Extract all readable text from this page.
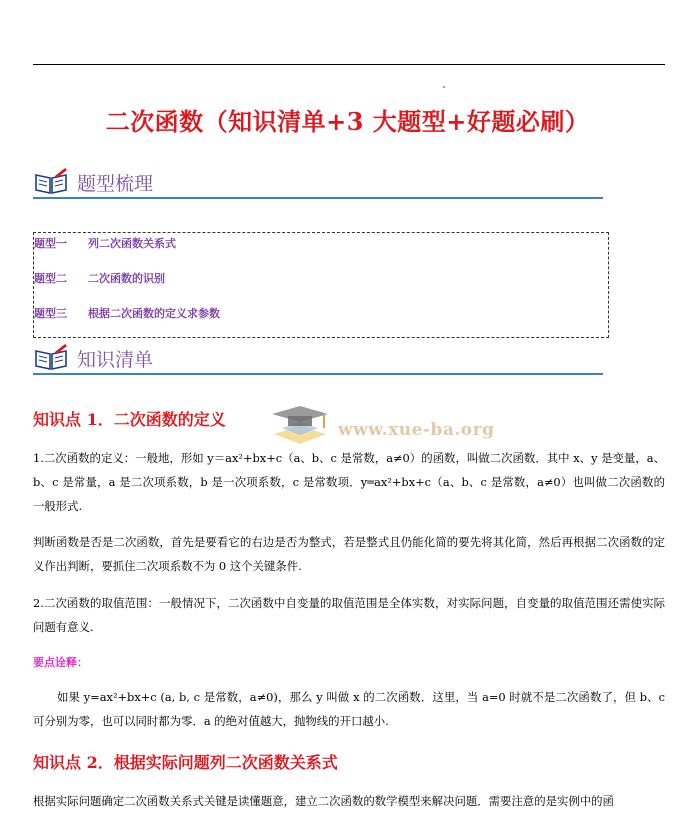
二次函数（知识清单+3 大题型+好题必刷）
题型梳理
题型一 列二次函数关系式
题型二 二次函数的识别
题型三 根据二次函数的定义求参数
知识清单
www.xue-ba.org
知识点 1．二次函数的定义
1.二次函数的定义：一般地，形如 y＝ax²+bx+c（a、b、c 是常数，a≠0）的函数，叫做二次函数．其中 x、y 是变量，a、b、c 是常量，a 是二次项系数，b 是一次项系数，c 是常数项．y═ax²+bx+c（a、b、c 是常数，a≠0）也叫做二次函数的一般形式.
判断函数是否是二次函数，首先是要看它的右边是否为整式，若是整式且仍能化简的要先将其化简，然后再根据二次函数的定义作出判断，要抓住二次项系数不为 0 这个关键条件.
2.二次函数的取值范围：一般情况下，二次函数中自变量的取值范围是全体实数，对实际问题，自变量的取值范围还需使实际问题有意义.
要点诠释：
如果 y=ax²+bx+c (a, b, c 是常数，a≠0)，那么 y 叫做 x 的二次函数．这里，当 a=0 时就不是二次函数了，但 b、c 可分别为零，也可以同时都为零．a 的绝对值越大，抛物线的开口越小.
知识点 2．根据实际问题列二次函数关系式
根据实际问题确定二次函数关系式关键是读懂题意，建立二次函数的数学模型来解决问题．需要注意的是实例中的函
